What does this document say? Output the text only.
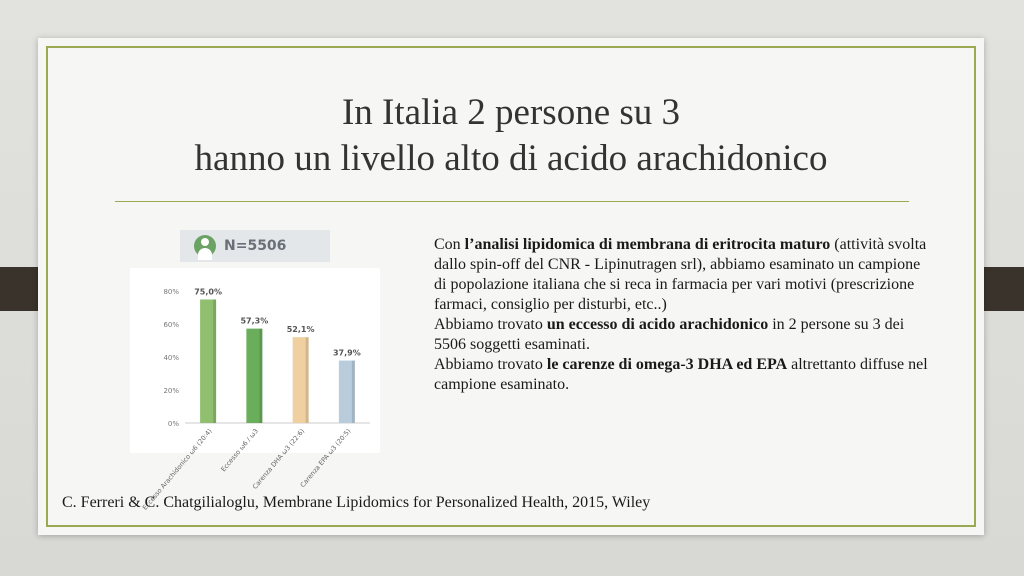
In Italia 2 persone su 3
hanno un livello alto di acido arachidonico
N=5506
0%
20%
40%
60%
80% 75,0%
Eccesso Arachidonico ω6 (20:4)
57,3%
Eccesso ω6 / ω3
52,1%
Carenza DHA ω3 (22:6)
37,9%
Carenza EPA ω3 (20:5)

Con l’analisi lipidomica di membrana di eritrocita maturo (attività svolta dallo spin-off del CNR - Lipinutragen srl), abbiamo esaminato un campione di popolazione italiana che si reca in farmacia per vari motivi (prescrizione farmaci, consiglio per disturbi, etc..)

Abbiamo trovato un eccesso di acido arachidonico in 2 persone su 3 dei 5506 soggetti esaminati.

Abbiamo trovato le carenze di omega-3 DHA ed EPA altrettanto diffuse nel campione esaminato.

C. Ferreri & C. Chatgilialoglu, Membrane Lipidomics for Personalized Health, 2015, Wiley
